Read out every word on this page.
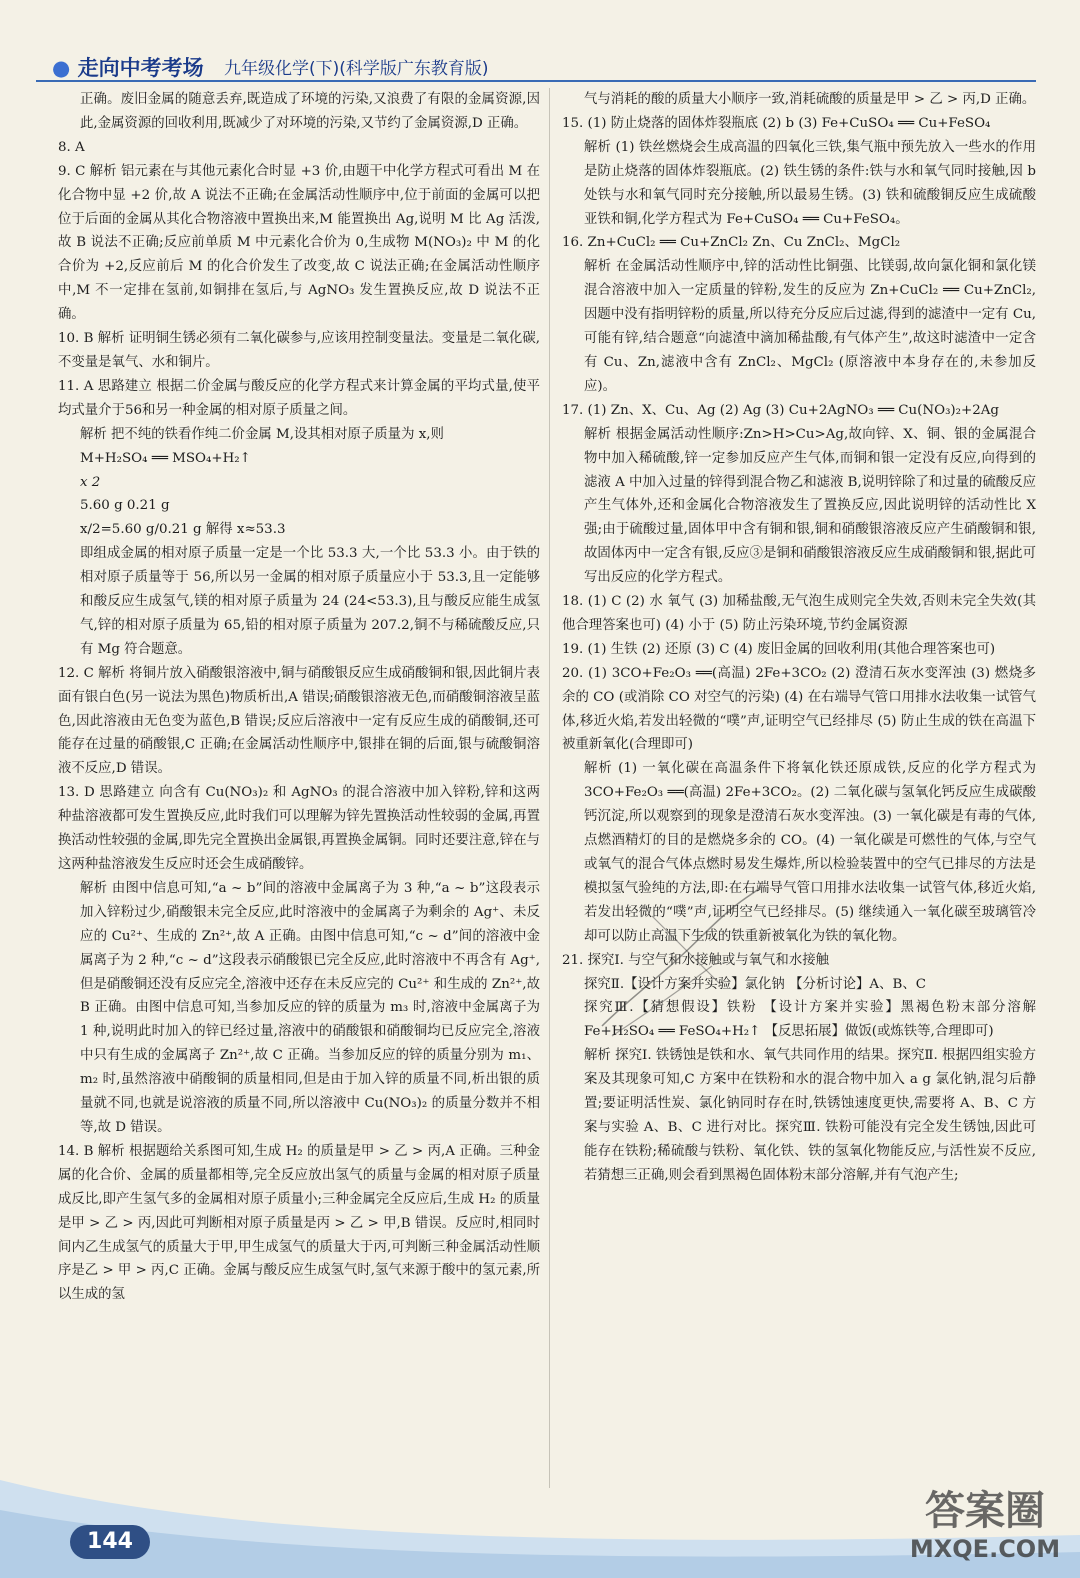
● 走向中考考场 九年级化学(下)(科学版广东教育版)

正确。废旧金属的随意丢弃,既造成了环境的污染,又浪费了有限的金属资源,因此,金属资源的回收利用,既减少了对环境的污染,又节约了金属资源,D 正确。

8. A

9. C 解析 铝元素在与其他元素化合时显 +3 价,由题干中化学方程式可看出 M 在化合物中显 +2 价,故 A 说法不正确;在金属活动性顺序中,位于前面的金属可以把位于后面的金属从其化合物溶液中置换出来,M 能置换出 Ag,说明 M 比 Ag 活泼,故 B 说法不正确;反应前单质 M 中元素化合价为 0,生成物 M(NO₃)₂ 中 M 的化合价为 +2,反应前后 M 的化合价发生了改变,故 C 说法正确;在金属活动性顺序中,M 不一定排在氢前,如铜排在氢后,与 AgNO₃ 发生置换反应,故 D 说法不正确。

10. B 解析 证明铜生锈必须有二氧化碳参与,应该用控制变量法。变量是二氧化碳,不变量是氧气、水和铜片。

11. A 思路建立 根据二价金属与酸反应的化学方程式来计算金属的平均式量,使平均式量介于56和另一种金属的相对原子质量之间。

解析 把不纯的铁看作纯二价金属 M,设其相对原子质量为 x,则

M+H₂SO₄ ══ MSO₄+H₂↑

x 2

5.60 g 0.21 g

x/2=5.60 g/0.21 g 解得 x≈53.3

即组成金属的相对原子质量一定是一个比 53.3 大,一个比 53.3 小。由于铁的相对原子质量等于 56,所以另一金属的相对原子质量应小于 53.3,且一定能够和酸反应生成氢气,镁的相对原子质量为 24 (24<53.3),且与酸反应能生成氢气,锌的相对原子质量为 65,铅的相对原子质量为 207.2,铜不与稀硫酸反应,只有 Mg 符合题意。

12. C 解析 将铜片放入硝酸银溶液中,铜与硝酸银反应生成硝酸铜和银,因此铜片表面有银白色(另一说法为黑色)物质析出,A 错误;硝酸银溶液无色,而硝酸铜溶液呈蓝色,因此溶液由无色变为蓝色,B 错误;反应后溶液中一定有反应生成的硝酸铜,还可能存在过量的硝酸银,C 正确;在金属活动性顺序中,银排在铜的后面,银与硫酸铜溶液不反应,D 错误。

13. D 思路建立 向含有 Cu(NO₃)₂ 和 AgNO₃ 的混合溶液中加入锌粉,锌和这两种盐溶液都可发生置换反应,此时我们可以理解为锌先置换活动性较弱的金属,再置换活动性较强的金属,即先完全置换出金属银,再置换金属铜。同时还要注意,锌在与这两种盐溶液发生反应时还会生成硝酸锌。

解析 由图中信息可知,“a ~ b”间的溶液中金属离子为 3 种,“a ~ b”这段表示加入锌粉过少,硝酸银未完全反应,此时溶液中的金属离子为剩余的 Ag⁺、未反应的 Cu²⁺、生成的 Zn²⁺,故 A 正确。由图中信息可知,“c ~ d”间的溶液中金属离子为 2 种,“c ~ d”这段表示硝酸银已完全反应,此时溶液中不再含有 Ag⁺,但是硝酸铜还没有反应完全,溶液中还存在未反应完的 Cu²⁺ 和生成的 Zn²⁺,故 B 正确。由图中信息可知,当参加反应的锌的质量为 m₃ 时,溶液中金属离子为 1 种,说明此时加入的锌已经过量,溶液中的硝酸银和硝酸铜均已反应完全,溶液中只有生成的金属离子 Zn²⁺,故 C 正确。当参加反应的锌的质量分别为 m₁、m₂ 时,虽然溶液中硝酸铜的质量相同,但是由于加入锌的质量不同,析出银的质量就不同,也就是说溶液的质量不同,所以溶液中 Cu(NO₃)₂ 的质量分数并不相等,故 D 错误。

14. B 解析 根据题给关系图可知,生成 H₂ 的质量是甲 > 乙 > 丙,A 正确。三种金属的化合价、金属的质量都相等,完全反应放出氢气的质量与金属的相对原子质量成反比,即产生氢气多的金属相对原子质量小;三种金属完全反应后,生成 H₂ 的质量是甲 > 乙 > 丙,因此可判断相对原子质量是丙 > 乙 > 甲,B 错误。反应时,相同时间内乙生成氢气的质量大于甲,甲生成氢气的质量大于丙,可判断三种金属活动性顺序是乙 > 甲 > 丙,C 正确。金属与酸反应生成氢气时,氢气来源于酸中的氢元素,所以生成的氢

气与消耗的酸的质量大小顺序一致,消耗硫酸的质量是甲 > 乙 > 丙,D 正确。

15. (1) 防止烧落的固体炸裂瓶底 (2) b (3) Fe+CuSO₄ ══ Cu+FeSO₄

解析 (1) 铁丝燃烧会生成高温的四氧化三铁,集气瓶中预先放入一些水的作用是防止烧落的固体炸裂瓶底。(2) 铁生锈的条件:铁与水和氧气同时接触,因 b 处铁与水和氧气同时充分接触,所以最易生锈。(3) 铁和硫酸铜反应生成硫酸亚铁和铜,化学方程式为 Fe+CuSO₄ ══ Cu+FeSO₄。

16. Zn+CuCl₂ ══ Cu+ZnCl₂ Zn、Cu ZnCl₂、MgCl₂

解析 在金属活动性顺序中,锌的活动性比铜强、比镁弱,故向氯化铜和氯化镁混合溶液中加入一定质量的锌粉,发生的反应为 Zn+CuCl₂ ══ Cu+ZnCl₂,因题中没有指明锌粉的质量,所以待充分反应后过滤,得到的滤渣中一定有 Cu,可能有锌,结合题意“向滤渣中滴加稀盐酸,有气体产生”,故这时滤渣中一定含有 Cu、Zn,滤液中含有 ZnCl₂、MgCl₂ (原溶液中本身存在的,未参加反应)。

17. (1) Zn、X、Cu、Ag (2) Ag (3) Cu+2AgNO₃ ══ Cu(NO₃)₂+2Ag

解析 根据金属活动性顺序:Zn>H>Cu>Ag,故向锌、X、铜、银的金属混合物中加入稀硫酸,锌一定参加反应产生气体,而铜和银一定没有反应,向得到的滤液 A 中加入过量的锌得到混合物乙和滤液 B,说明锌除了和过量的硫酸反应产生气体外,还和金属化合物溶液发生了置换反应,因此说明锌的活动性比 X 强;由于硫酸过量,固体甲中含有铜和银,铜和硝酸银溶液反应产生硝酸铜和银,故固体丙中一定含有银,反应③是铜和硝酸银溶液反应生成硝酸铜和银,据此可写出反应的化学方程式。

18. (1) C (2) 水 氧气 (3) 加稀盐酸,无气泡生成则完全失效,否则未完全失效(其他合理答案也可) (4) 小于 (5) 防止污染环境,节约金属资源

19. (1) 生铁 (2) 还原 (3) C (4) 废旧金属的回收利用(其他合理答案也可)

20. (1) 3CO+Fe₂O₃ ══(高温) 2Fe+3CO₂ (2) 澄清石灰水变浑浊 (3) 燃烧多余的 CO (或消除 CO 对空气的污染) (4) 在右端导气管口用排水法收集一试管气体,移近火焰,若发出轻微的“噗”声,证明空气已经排尽 (5) 防止生成的铁在高温下被重新氧化(合理即可)

解析 (1) 一氧化碳在高温条件下将氧化铁还原成铁,反应的化学方程式为 3CO+Fe₂O₃ ══(高温) 2Fe+3CO₂。(2) 二氧化碳与氢氧化钙反应生成碳酸钙沉淀,所以观察到的现象是澄清石灰水变浑浊。(3) 一氧化碳是有毒的气体,点燃酒精灯的目的是燃烧多余的 CO。(4) 一氧化碳是可燃性的气体,与空气或氧气的混合气体点燃时易发生爆炸,所以检验装置中的空气已排尽的方法是模拟氢气验纯的方法,即:在右端导气管口用排水法收集一试管气体,移近火焰,若发出轻微的“噗”声,证明空气已经排尽。(5) 继续通入一氧化碳至玻璃管冷却可以防止高温下生成的铁重新被氧化为铁的氧化物。

21. 探究Ⅰ. 与空气和水接触或与氧气和水接触

探究Ⅱ.【设计方案并实验】氯化钠 【分析讨论】A、B、C

探究Ⅲ.【猜想假设】铁粉 【设计方案并实验】黑褐色粉末部分溶解 Fe+H₂SO₄ ══ FeSO₄+H₂↑ 【反思拓展】做饭(或炼铁等,合理即可)

解析 探究Ⅰ. 铁锈蚀是铁和水、氧气共同作用的结果。探究Ⅱ. 根据四组实验方案及其现象可知,C 方案中在铁粉和水的混合物中加入 a g 氯化钠,混匀后静置;要证明活性炭、氯化钠同时存在时,铁锈蚀速度更快,需要将 A、B、C 方案与实验 A、B、C 进行对比。探究Ⅲ. 铁粉可能没有完全发生锈蚀,因此可能存在铁粉;稀硫酸与铁粉、氧化铁、铁的氢氧化物能反应,与活性炭不反应,若猜想三正确,则会看到黑褐色固体粉末部分溶解,并有气泡产生;

144
答案圈
MXQE.COM
